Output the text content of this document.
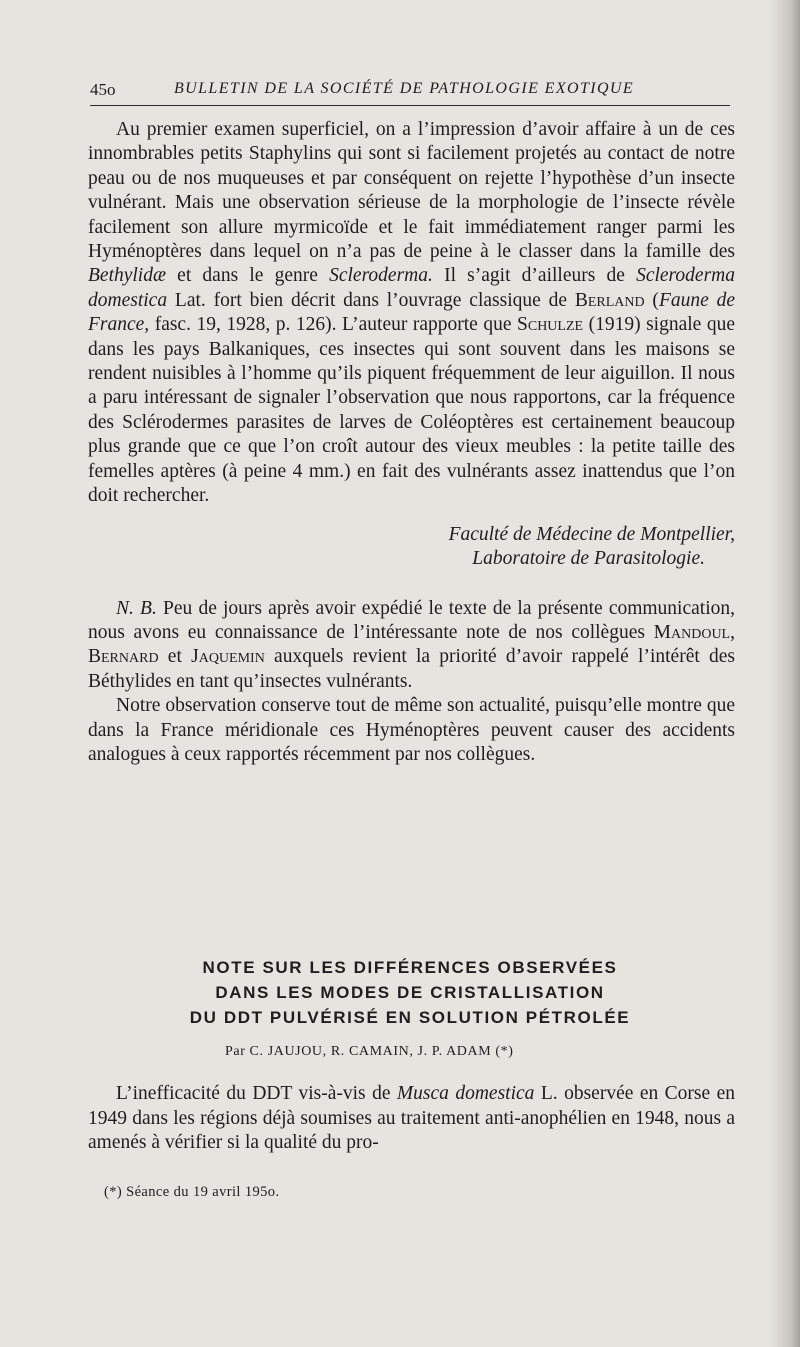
45o	BULLETIN DE LA SOCIÉTÉ DE PATHOLOGIE EXOTIQUE

Au premier examen superficiel, on a l’impression d’avoir affaire à un de ces innombrables petits Staphylins qui sont si facilement projetés au contact de notre peau ou de nos muqueuses et par conséquent on rejette l’hypothèse d’un insecte vulnérant. Mais une observation sérieuse de la morphologie de l’insecte révèle facilement son allure myrmicoïde et le fait immédiatement ranger parmi les Hyménoptères dans lequel on n’a pas de peine à le classer dans la famille des Bethylidæ et dans le genre Scleroderma. Il s’agit d’ailleurs de Scleroderma domestica Lat. fort bien décrit dans l’ouvrage classique de Berland (Faune de France, fasc. 19, 1928, p. 126). L’auteur rapporte que Schulze (1919) signale que dans les pays Balkaniques, ces insectes qui sont souvent dans les maisons se rendent nuisibles à l’homme qu’ils piquent fréquemment de leur aiguillon. Il nous a paru intéressant de signaler l’observation que nous rapportons, car la fréquence des Sclérodermes parasites de larves de Coléoptères est certainement beaucoup plus grande que ce que l’on croît autour des vieux meubles : la petite taille des femelles aptères (à peine 4 mm.) en fait des vulnérants assez inattendus que l’on doit rechercher.

Faculté de Médecine de Montpellier,
Laboratoire de Parasitologie.

N. B. Peu de jours après avoir expédié le texte de la présente communication, nous avons eu connaissance de l’intéressante note de nos collègues Mandoul, Bernard et Jaquemin auxquels revient la priorité d’avoir rappelé l’intérêt des Béthylides en tant qu’insectes vulnérants.

Notre observation conserve tout de même son actualité, puisqu’elle montre que dans la France méridionale ces Hyménoptères peuvent causer des accidents analogues à ceux rapportés récemment par nos collègues.

NOTE SUR LES DIFFÉRENCES OBSERVÉES
DANS LES MODES DE CRISTALLISATION
DU DDT PULVÉRISÉ EN SOLUTION PÉTROLÉE
Par C. JAUJOU, R. CAMAIN, J. P. ADAM (*)

L’inefficacité du DDT vis-à-vis de Musca domestica L. observée en Corse en 1949 dans les régions déjà soumises au traitement anti-anophélien en 1948, nous a amenés à vérifier si la qualité du pro-

(*) Séance du 19 avril 195o.
